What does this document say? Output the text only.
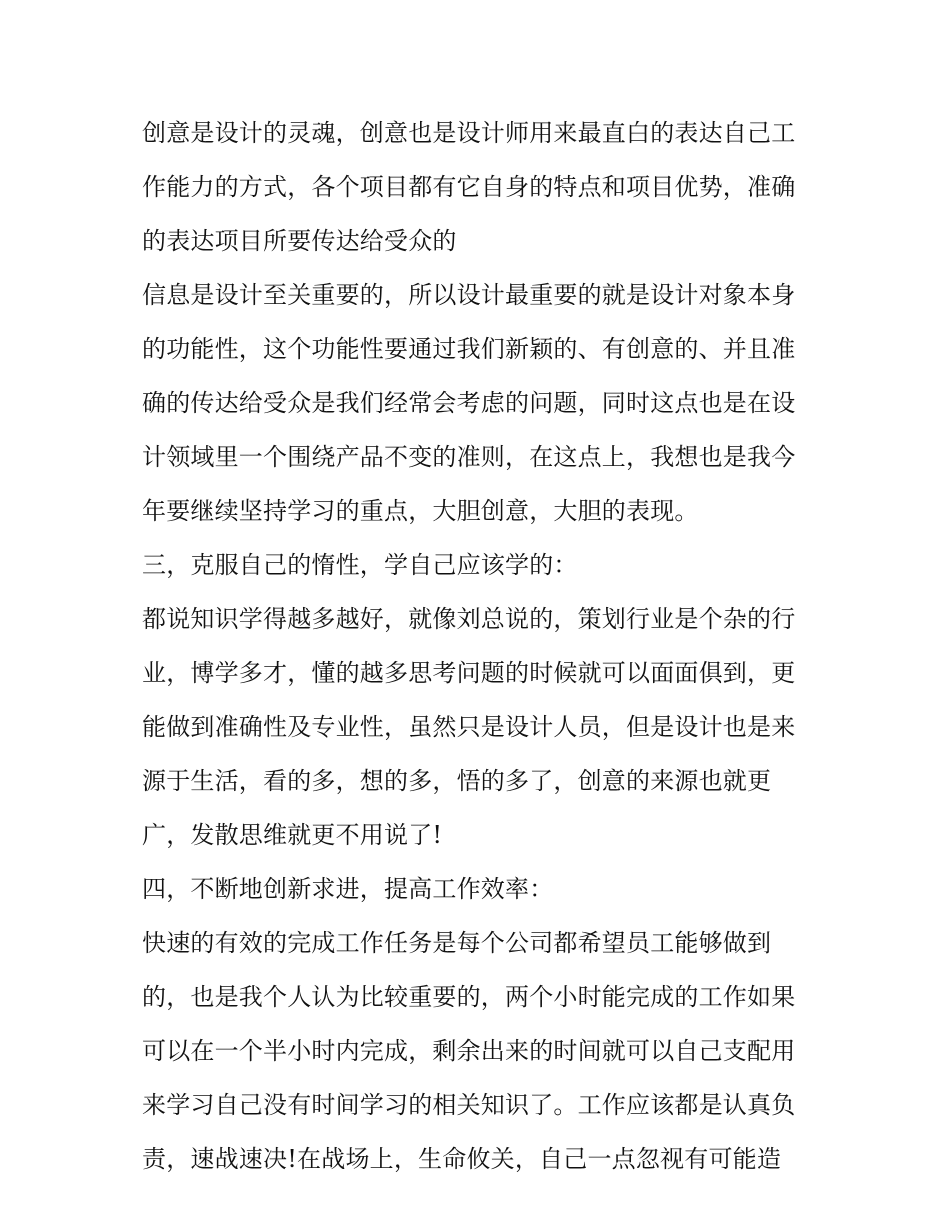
创意是设计的灵魂，创意也是设计师用来最直白的表达自己工
作能力的方式，各个项目都有它自身的特点和项目优势，准确
的表达项目所要传达给受众的
信息是设计至关重要的，所以设计最重要的就是设计对象本身
的功能性，这个功能性要通过我们新颖的、有创意的、并且准
确的传达给受众是我们经常会考虑的问题，同时这点也是在设
计领域里一个围绕产品不变的准则，在这点上，我想也是我今
年要继续坚持学习的重点，大胆创意，大胆的表现。
三，克服自己的惰性，学自己应该学的：
都说知识学得越多越好，就像刘总说的，策划行业是个杂的行
业，博学多才，懂的越多思考问题的时候就可以面面俱到，更
能做到准确性及专业性，虽然只是设计人员，但是设计也是来
源于生活，看的多，想的多，悟的多了，创意的来源也就更
广，发散思维就更不用说了!
四，不断地创新求进，提高工作效率：
快速的有效的完成工作任务是每个公司都希望员工能够做到
的，也是我个人认为比较重要的，两个小时能完成的工作如果
可以在一个半小时内完成，剩余出来的时间就可以自己支配用
来学习自己没有时间学习的相关知识了。工作应该都是认真负
责，速战速决!在战场上，生命攸关，自己一点忽视有可能造
